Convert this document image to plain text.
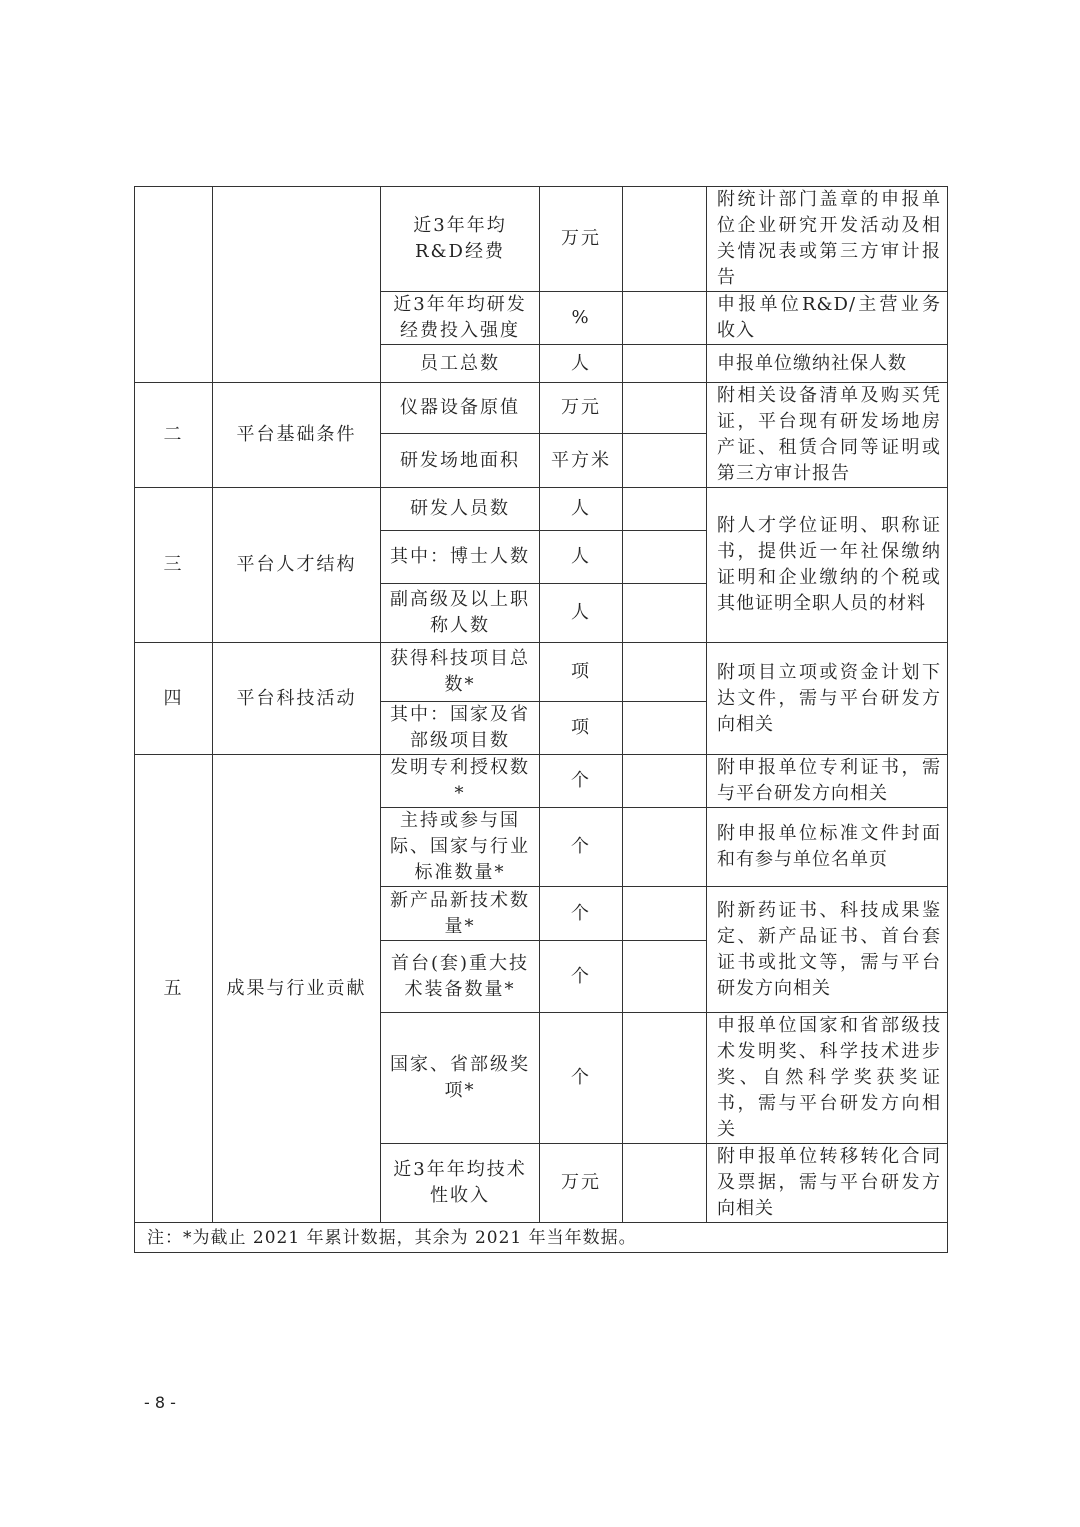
		近3年年均R&D经费	万元		附统计部门盖章的申报单位企业研究开发活动及相关情况表或第三方审计报告
		近3年年均研发经费投入强度	%		申报单位R&D/主营业务收入
		员工总数	人		申报单位缴纳社保人数
二	平台基础条件	仪器设备原值	万元		附相关设备清单及购买凭证，平台现有研发场地房产证、租赁合同等证明或第三方审计报告
		研发场地面积	平方米		
三	平台人才结构	研发人员数	人		附人才学位证明、职称证书，提供近一年社保缴纳证明和企业缴纳的个税或其他证明全职人员的材料
		其中：博士人数	人		
		副高级及以上职称人数	人		
四	平台科技活动	获得科技项目总数*	项		附项目立项或资金计划下达文件，需与平台研发方向相关
		其中：国家及省部级项目数	项		
五	成果与行业贡献	发明专利授权数*	个		附申报单位专利证书，需与平台研发方向相关
		主持或参与国际、国家与行业标准数量*	个		附申报单位标准文件封面和有参与单位名单页
		新产品新技术数量*	个		附新药证书、科技成果鉴定、新产品证书、首台套证书或批文等，需与平台研发方向相关
		首台(套)重大技术装备数量*	个		
		国家、省部级奖项*	个		申报单位国家和省部级技术发明奖、科学技术进步奖、自然科学奖获奖证书，需与平台研发方向相关
		近3年年均技术性收入	万元		附申报单位转移转化合同及票据，需与平台研发方向相关
注：*为截止 2021 年累计数据，其余为 2021 年当年数据。					
- 8 -
